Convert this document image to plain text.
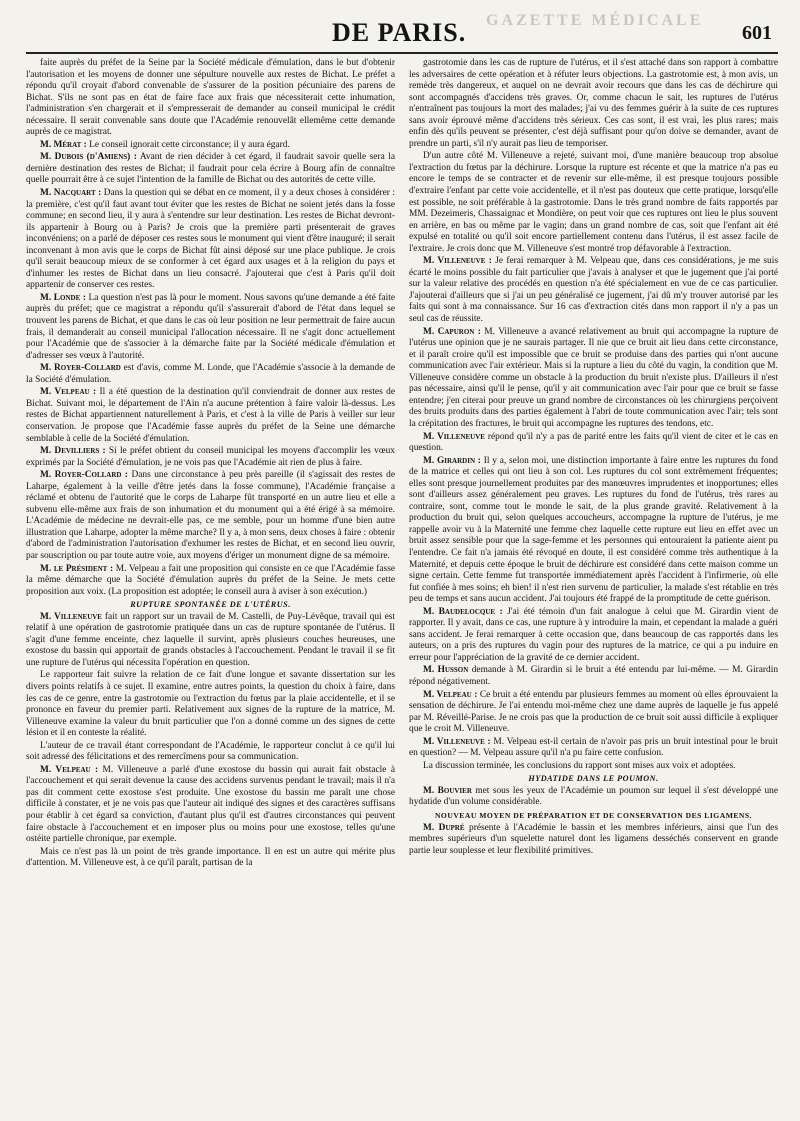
GAZETTE MÉDICALE
DE PARIS.	601

faite auprès du préfet de la Seine par la Société médicale d'émulation, dans le but d'obtenir l'autorisation et les moyens de donner une sépulture nouvelle aux restes de Bichat. Le préfet a répondu qu'il croyait d'abord convenable de s'assurer de la position pécuniaire des parens de Bichat. S'ils ne sont pas en état de faire face aux frais que nécessiterait cette inhumation, l'administration s'en chargerait et il s'empresserait de demander au conseil municipal le crédit nécessaire. Il serait convenable sans doute que l'Académie renouvelât ellemême cette demande auprès de ce magistrat.

M. Mérat : Le conseil ignorait cette circonstance; il y aura égard.

M. Dubois (d'Amiens) : Avant de rien décider à cet égard, il faudrait savoir quelle sera la dernière destination des restes de Bichat; il faudrait pour cela écrire à Bourg afin de connaître quelle pourrait être à ce sujet l'intention de la famille de Bichat ou des autorités de cette ville.

M. Nacquart : Dans la question qui se débat en ce moment, il y a deux choses à considérer : la première, c'est qu'il faut avant tout éviter que les restes de Bichat ne soient jetés dans la fosse commune; en second lieu, il y aura à s'entendre sur leur destination. Les restes de Bichat devront-ils appartenir à Bourg ou à Paris? Je crois que la première parti présenterait de graves inconvéniens; on a parlé de déposer ces restes sous le monument qui vient d'être inauguré; il serait inconvenant à mon avis que le corps de Bichat fût ainsi déposé sur une place publique. Je crois qu'il serait beaucoup mieux de se conformer à cet égard aux usages et à la religion du pays et d'inhumer les restes de Bichat dans un lieu consacré. J'ajouterai que c'est à Paris qu'il doit appartenir de conserver ces restes.

M. Londe : La question n'est pas là pour le moment. Nous savons qu'une demande a été faite auprès du préfet; que ce magistrat a répondu qu'il s'assurerait d'abord de l'état dans lequel se trouvent les parens de Bichat, et que dans le cas où leur position ne leur permettrait de faire aucun frais, il demanderait au conseil municipal l'allocation nécessaire. Il ne s'agit donc actuellement pour l'Académie que de s'associer à la démarche faite par la Société médicale d'émulation et d'adresser ses vœux à l'autorité.

M. Royer-Collard est d'avis, comme M. Londe, que l'Académie s'associe à la demande de la Société d'émulation.

M. Velpeau : Il a été question de la destination qu'il conviendrait de donner aux restes de Bichat. Suivant moi, le département de l'Ain n'a aucune prétention à faire valoir là-dessus. Les restes de Bichat appartiennent naturellement à Paris, et c'est à la ville de Paris à veiller sur leur conservation. Je propose que l'Académie fasse auprès du préfet de la Seine une démarche semblable à celle de la Société d'émulation.

M. Devilliers : Si le préfet obtient du conseil municipal les moyens d'accomplir les vœux exprimés par la Société d'émulation, je ne vois pas que l'Académie ait rien de plus à faire.

M. Royer-Collard : Dans une circonstance à peu près pareille (il s'agissait des restes de Laharpe, également à la veille d'être jetés dans la fosse commune), l'Académie française a réclamé et obtenu de l'autorité que le corps de Laharpe fût transporté en un autre lieu et elle a subvenu elle-même aux frais de son inhumation et du monument qui a été érigé à sa mémoire. L'Académie de médecine ne devrait-elle pas, ce me semble, pour un homme d'une bien autre illustration que Laharpe, adopter la même marche? Il y a, à mon sens, deux choses à faire : obtenir d'abord de l'administration l'autorisation d'exhumer les restes de Bichat, et en second lieu ouvrir, par souscription ou par toute autre voie, aux moyens d'ériger un monument digne de sa mémoire.

M. le Président : M. Velpeau a fait une proposition qui consiste en ce que l'Académie fasse la même démarche que la Société d'émulation auprès du préfet de la Seine. Je mets cette proposition aux voix. (La proposition est adoptée; le conseil aura à aviser à son exécution.)

RUPTURE SPONTANÉE DE L'UTÉRUS.

M. Villeneuve fait un rapport sur un travail de M. Castelli, de Puy-Lévêque, travail qui est relatif à une opération de gastrotomie pratiquée dans un cas de rupture spontanée de l'utérus. Il s'agit d'une femme enceinte, chez laquelle il survint, après plusieurs couches heureuses, une exostose du bassin qui apportait de grands obstacles à l'accouchement. Pendant le travail il se fit une rupture de l'utérus qui nécessita l'opération en question.

Le rapporteur fait suivre la relation de ce fait d'une longue et savante dissertation sur les divers points relatifs à ce sujet. Il examine, entre autres points, la question du choix à faire, dans les cas de ce genre, entre la gastrotomie ou l'extraction du fœtus par la plaie accidentelle, et il se prononce en faveur du premier parti. Relativement aux signes de la rupture de la matrice, M. Villeneuve examine la valeur du bruit particulier que l'on a donné comme un des signes de cette lésion et il en conteste la réalité.

L'auteur de ce travail étant correspondant de l'Académie, le rapporteur conclut à ce qu'il lui soit adressé des félicitations et des remercîmens pour sa communication.

M. Velpeau : M. Villeneuve a parlé d'une exostose du bassin qui aurait fait obstacle à l'accouchement et qui serait devenue la cause des accidens survenus pendant le travail; mais il n'a pas dit comment cette exostose s'est produite. Une exostose du bassin me paraît une chose difficile à constater, et je ne vois pas que l'auteur ait indiqué des signes et des caractères suffisans pour établir à cet égard sa conviction, d'autant plus qu'il est d'autres circonstances qui peuvent faire obstacle à l'accouchement et en imposer plus ou moins pour une exostose, telles qu'une ostéite partielle chronique, par exemple.

Mais ce n'est pas là un point de très grande importance. Il en est un autre qui mérite plus d'attention. M. Villeneuve est, à ce qu'il paraît, partisan de la

gastrotomie dans les cas de rupture de l'utérus, et il s'est attaché dans son rapport à combattre les adversaires de cette opération et à réfuter leurs objections. La gastrotomie est, à mon avis, un remède très dangereux, et auquel on ne devrait avoir recours que dans les cas de déchirure qui sont accompagnés d'accidens très graves. Or, comme chacun le sait, les ruptures de l'utérus n'entraînent pas toujours la mort des malades; j'ai vu des femmes guérir à la suite de ces ruptures sans avoir éprouvé même d'accidens très sérieux. Ces cas sont, il est vrai, les plus rares; mais enfin dès qu'ils peuvent se présenter, c'est déjà suffisant pour qu'on doive se demander, avant de prendre un parti, s'il n'y aurait pas lieu de temporiser.

D'un autre côté M. Villeneuve a rejeté, suivant moi, d'une manière beaucoup trop absolue l'extraction du fœtus par la déchirure. Lorsque la rupture est récente et que la matrice n'a pas eu encore le temps de se contracter et de revenir sur elle-même, il est presque toujours possible d'extraire l'enfant par cette voie accidentelle, et il n'est pas douteux que cette pratique, lorsqu'elle est possible, ne soit préférable à la gastrotomie. Dans le très grand nombre de faits rapportés par MM. Dezeimeris, Chassaignac et Mondière, on peut voir que ces ruptures ont lieu le plus souvent en arrière, en bas ou même par le vagin; dans un grand nombre de cas, soit que l'enfant ait été expulsé en totalité ou qu'il soit encore partiellement contenu dans l'utérus, il est assez facile de l'extraire. Je crois donc que M. Villeneuve s'est montré trop défavorable à l'extraction.

M. Villeneuve : Je ferai remarquer à M. Velpeau que, dans ces considérations, je me suis écarté le moins possible du fait particulier que j'avais à analyser et que le jugement que j'ai porté sur la valeur relative des procédés en question n'a été spécialement en vue de ce cas particulier. J'ajouterai d'ailleurs que si j'ai un peu généralisé ce jugement, j'ai dû m'y trouver autorisé par les faits qui sont à ma connaissance. Sur 16 cas d'extraction cités dans mon rapport il n'y a pas un seul cas de réussite.

M. Capuron : M. Villeneuve a avancé relativement au bruit qui accompagne la rupture de l'utérus une opinion que je ne saurais partager. Il nie que ce bruit ait lieu dans cette circonstance, et il paraît croire qu'il est impossible que ce bruit se produise dans des parties qui n'ont aucune communication avec l'air extérieur. Mais si la rupture a lieu du côté du vagin, la condition que M. Villeneuve considère comme un obstacle à la production du bruit n'existe plus. D'ailleurs il n'est pas nécessaire, ainsi qu'il le pense, qu'il y ait communication avec l'air pour que ce bruit se fasse entendre; j'en citerai pour preuve un grand nombre de circonstances où les chirurgiens perçoivent des bruits produits dans des parties également à l'abri de toute communication avec l'air; tels sont la crépitation des fractures, le bruit qui accompagne les ruptures des tendons, etc.

M. Villeneuve répond qu'il n'y a pas de parité entre les faits qu'il vient de citer et le cas en question.

M. Girardin : Il y a, selon moi, une distinction importante à faire entre les ruptures du fond de la matrice et celles qui ont lieu à son col. Les ruptures du col sont extrêmement fréquentes; elles sont presque journellement produites par des manœuvres imprudentes et inopportunes; elles sont d'ailleurs assez généralement peu graves. Les ruptures du fond de l'utérus, très rares au contraire, sont, comme tout le monde le sait, de la plus grande gravité. Relativement à la production du bruit qui, selon quelques accoucheurs, accompagne la rupture de l'utérus, je me rappelle avoir vu à la Maternité une femme chez laquelle cette rupture eut lieu en effet avec un bruit assez sensible pour que la sage-femme et les personnes qui entouraient la patiente aient pu l'entendre. Ce fait n'a jamais été révoqué en doute, il est considéré comme très authentique à la Maternité, et depuis cette époque le bruit de déchirure est considéré dans cette maison comme un signe certain. Cette femme fut transportée immédiatement après l'accident à l'infirmerie, où elle fut confiée à mes soins; eh bien! il n'est rien survenu de particulier, la malade s'est rétablie en très peu de temps et sans aucun accident. J'ai toujours été frappé de la promptitude de cette guérison.

M. Baudelocque : J'ai été témoin d'un fait analogue à celui que M. Girardin vient de rapporter. Il y avait, dans ce cas, une rupture à y introduire la main, et cependant la malade a guéri sans accident. Je ferai remarquer à cette occasion que, dans beaucoup de cas rapportés dans les auteurs, on a pris des ruptures du vagin pour des ruptures de la matrice, ce qui a pu induire en erreur pour l'appréciation de la gravité de ce dernier accident.

M. Husson demande à M. Girardin si le bruit a été entendu par lui-même. — M. Girardin répond négativement.

M. Velpeau : Ce bruit a été entendu par plusieurs femmes au moment où elles éprouvaient la sensation de déchirure. Je l'ai entendu moi-même chez une dame auprès de laquelle je fus appelé par M. Réveillé-Parise. Je ne crois pas que la production de ce bruit soit aussi difficile à expliquer que le croit M. Villeneuve.

M. Villeneuve : M. Velpeau est-il certain de n'avoir pas pris un bruit intestinal pour le bruit en question? — M. Velpeau assure qu'il n'a pu faire cette confusion.

La discussion terminée, les conclusions du rapport sont mises aux voix et adoptées.

HYDATIDE DANS LE POUMON.

M. Bouvier met sous les yeux de l'Académie un poumon sur lequel il s'est développé une hydatide d'un volume considérable.

NOUVEAU MOYEN DE PRÉPARATION ET DE CONSERVATION DES LIGAMENS.

M. Dupré présente à l'Académie le bassin et les membres inférieurs, ainsi que l'un des membres supérieurs d'un squelette naturel dont les ligamens desséchés conservent en grande partie leur souplesse et leur flexibilité primitives.
